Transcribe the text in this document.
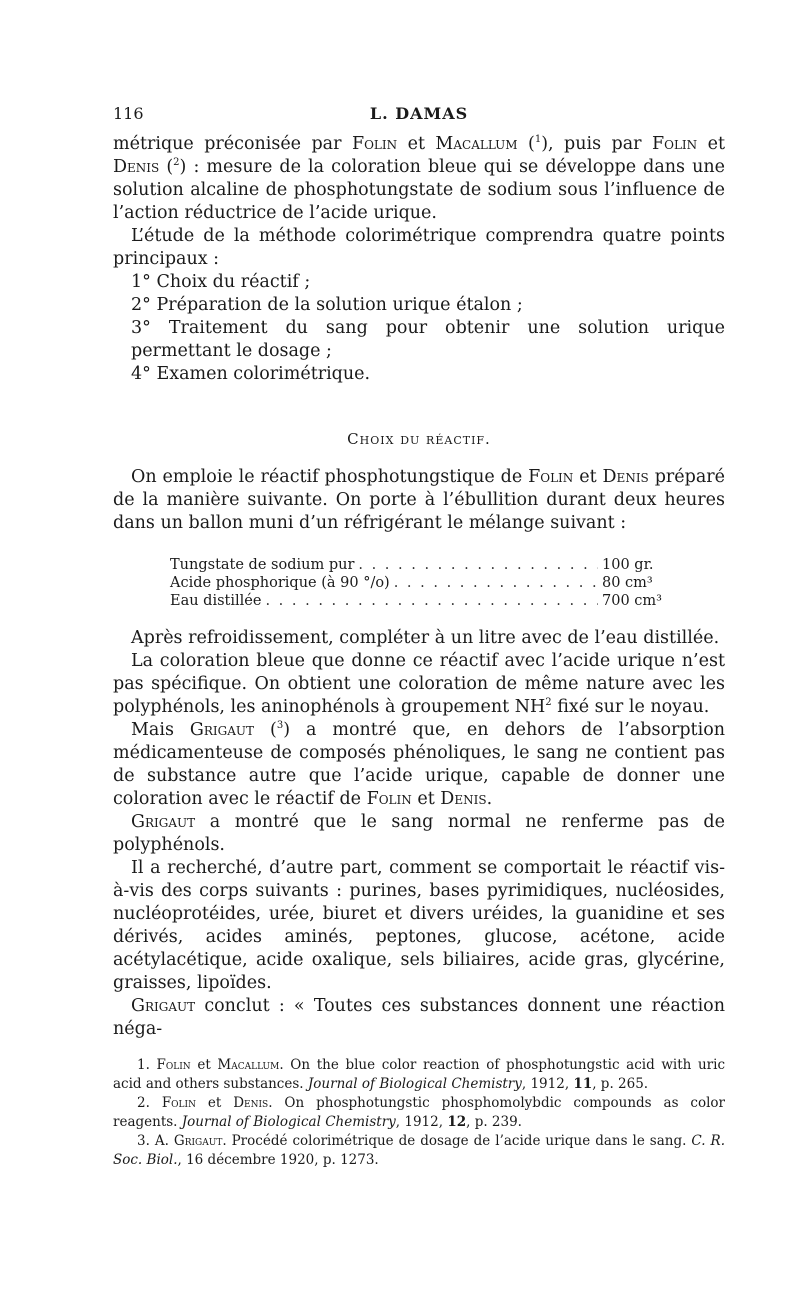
116	L. DAMAS

métrique préconisée par Folin et Macallum ($^1$), puis par Folin et Denis ($^2$) : mesure de la coloration bleue qui se développe dans une solution alcaline de phosphotungstate de sodium sous l’influence de l’action réductrice de l’acide urique.

L’étude de la méthode colorimétrique comprendra quatre points principaux :

1° Choix du réactif ;

2° Préparation de la solution urique étalon ;

3° Traitement du sang pour obtenir une solution urique permettant le dosage ;

4° Examen colorimétrique.

Choix du réactif.

On emploie le réactif phosphotungstique de Folin et Denis préparé de la manière suivante. On porte à l’ébullition durant deux heures dans un ballon muni d’un réfrigérant le mélange suivant :

Tungstate de sodium pur . . .	100 gr.
Acide phosphorique (à 90 °/o) . . .	80 cm³
Eau distillée . . .	700 cm³

Après refroidissement, compléter à un litre avec de l’eau distillée.

La coloration bleue que donne ce réactif avec l’acide urique n’est pas spécifique. On obtient une coloration de même nature avec les polyphénols, les aninophénols à groupement $NH^2$ fixé sur le noyau.

Mais Grigaut ($^3$) a montré que, en dehors de l’absorption médicamenteuse de composés phénoliques, le sang ne contient pas de substance autre que l’acide urique, capable de donner une coloration avec le réactif de Folin et Denis.

Grigaut a montré que le sang normal ne renferme pas de polyphénols.

Il a recherché, d’autre part, comment se comportait le réactif vis-à-vis des corps suivants : purines, bases pyrimidiques, nucléosides, nucléoprotéides, urée, biuret et divers uréides, la guanidine et ses dérivés, acides aminés, peptones, glucose, acétone, acide acétylacétique, acide oxalique, sels biliaires, acide gras, glycérine, graisses, lipoïdes.

Grigaut conclut : « Toutes ces substances donnent une réaction néga-

1. Folin et Macallum. On the blue color reaction of phosphotungstic acid with uric acid and others substances. Journal of Biological Chemistry, 1912, 11, p. 265.

2. Folin et Denis. On phosphotungstic phosphomolybdic compounds as color reagents. Journal of Biological Chemistry, 1912, 12, p. 239.

3. A. Grigaut. Procédé colorimétrique de dosage de l’acide urique dans le sang. C. R. Soc. Biol., 16 décembre 1920, p. 1273.
